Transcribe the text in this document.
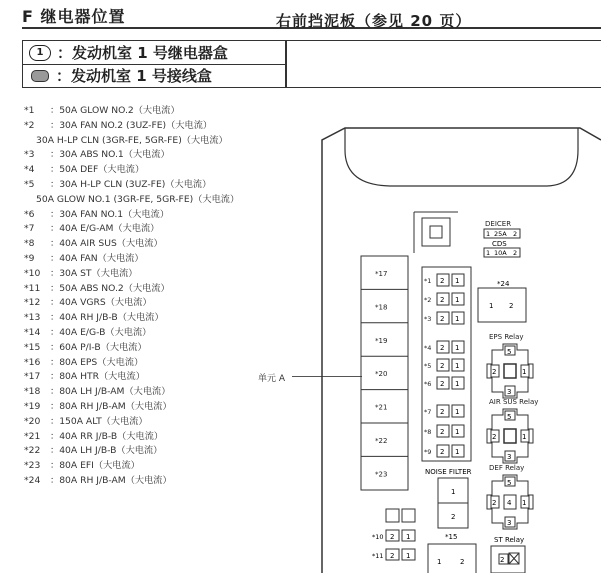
F 继电器位置
1 ：发动机室 1 号继电器盒
：发动机室 1 号接线盒
右前挡泥板（参见 20 页）
*1 ：50A GLOW NO.2（大电流）
*2 ：30A FAN NO.2 (3UZ-FE)（大电流）
30A H-LP CLN (3GR-FE, 5GR-FE)（大电流）
*3 ：30A ABS NO.1（大电流）
*4 ：50A DEF（大电流）
*5 ：30A H-LP CLN (3UZ-FE)（大电流）
50A GLOW NO.1 (3GR-FE, 5GR-FE)（大电流）
*6 ：30A FAN NO.1（大电流）
*7 ：40A E/G-AM（大电流）
*8 ：40A AIR SUS（大电流）
*9 ：40A FAN（大电流）
*10 ：30A ST（大电流）
*11 ：50A ABS NO.2（大电流）
*12 ：40A VGRS（大电流）
*13 ：40A RH J/B-B（大电流）
*14 ：40A E/G-B（大电流）
*15 ：60A P/I-B（大电流）
*16 ：80A EPS（大电流）
*17 ：80A HTR（大电流）
*18 ：80A LH J/B-AM（大电流）
*19 ：80A RH J/B-AM（大电流）
*20 ：150A ALT（大电流）
*21 ：40A RR J/B-B（大电流）
*22 ：40A LH J/B-B（大电流）
*23 ：80A EFI（大电流）
*24 ：80A RH J/B-AM（大电流）
单元 A
DEICER
1 25A 2
CDS
1 10A 2
*24
1 2
*17
*18
*19
*20
*21
*22
*23
*1 2 1
*2 2 1
*3 2 1
*4 2 1
*5 2 1
*6 2 1
*7 2 1
*8 2 1
*9 2 1
EPS Relay
5
2	1
3
AIR SUS Relay
5
2	1
3
DEF Relay
5
2	1
4
3
NOISE FILTER
1
2
*10 2 1
*11 2 1
*15
1	2
ST Relay
2
